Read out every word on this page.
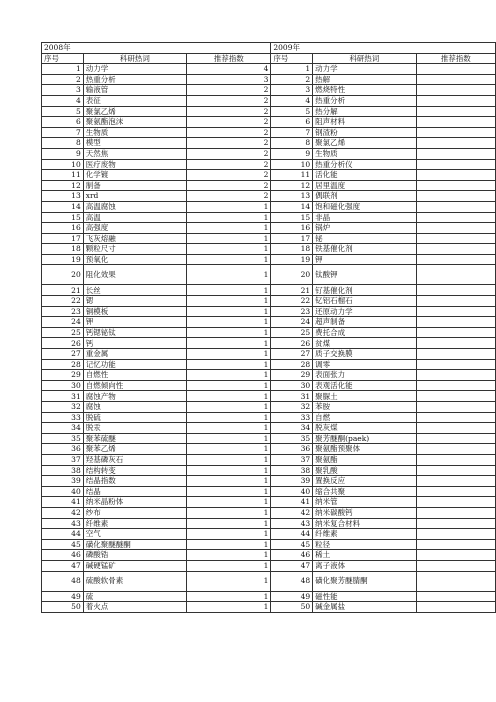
2008年			2009年		
序号	科研热词	推荐指数	序号	科研热词	推荐指数
1	动力学	4	1	动力学	
2	热重分析	3	2	热解	
3	输液管	2	3	燃烧特性	
4	表征	2	4	热重分析	
5	聚氯乙烯	2	5	热分解	
6	聚氨酯泡沫	2	6	阻声材料	
7	生物质	2	7	钢渣粉	
8	模型	2	8	聚氯乙烯	
9	天然焦	2	9	生物质	
10	医疗废物	2	10	热重分析仪	
11	化学镀	2	11	活化能	
12	制备	2	12	居里温度	
13	xrd	2	13	偶联剂	
14	高温腐蚀	1	14	饱和磁化强度	
15	高温	1	15	非晶	
16	高强度	1	16	锅炉	
17	飞灰熔融	1	17	铋	
18	颗粒尺寸	1	18	铁基催化剂	
19	预氧化	1	19	钾	
20	阻化效果	1	20	钛酸钾	
21	长丝	1	21	钌基催化剂	
22	锶	1	22	钇铝石榴石	
23	铜模板	1	23	还原动力学	
24	钾	1	24	超声制备	
25	钙锶铋钛	1	25	费托合成	
26	钙	1	26	贫煤	
27	重金属	1	27	质子交换膜	
28	记忆功能	1	28	调零	
29	自燃性	1	29	表面张力	
30	自燃倾向性	1	30	表观活化能	
31	腐蚀产物	1	31	聚脲土	
32	腐蚀	1	32	苯胺	
33	脱硫	1	33	自燃	
34	脱汞	1	34	脱灰煤	
35	聚苯硫醚	1	35	聚芳醚酮(paek)	
36	聚苯乙烯	1	36	聚氨酯预聚体	
37	羟基磷灰石	1	37	聚氨酯	
38	结构转变	1	38	聚乳酸	
39	结晶指数	1	39	置换反应	
40	结晶	1	40	缩合共聚	
41	纳米晶粉体	1	41	纳米管	
42	纱布	1	42	纳米碳酸钙	
43	纤维素	1	43	纳米复合材料	
44	空气	1	44	纤维素	
45	磺化聚醚醚酮	1	45	粒径	
46	磷酸锆	1	46	稀土	
47	碱硬锰矿	1	47	离子液体	
48	硫酸软骨素	1	48	磺化聚芳醚腈酮	
49	硫	1	49	磁性能	
50	着火点	1	50	碱金属盐	
